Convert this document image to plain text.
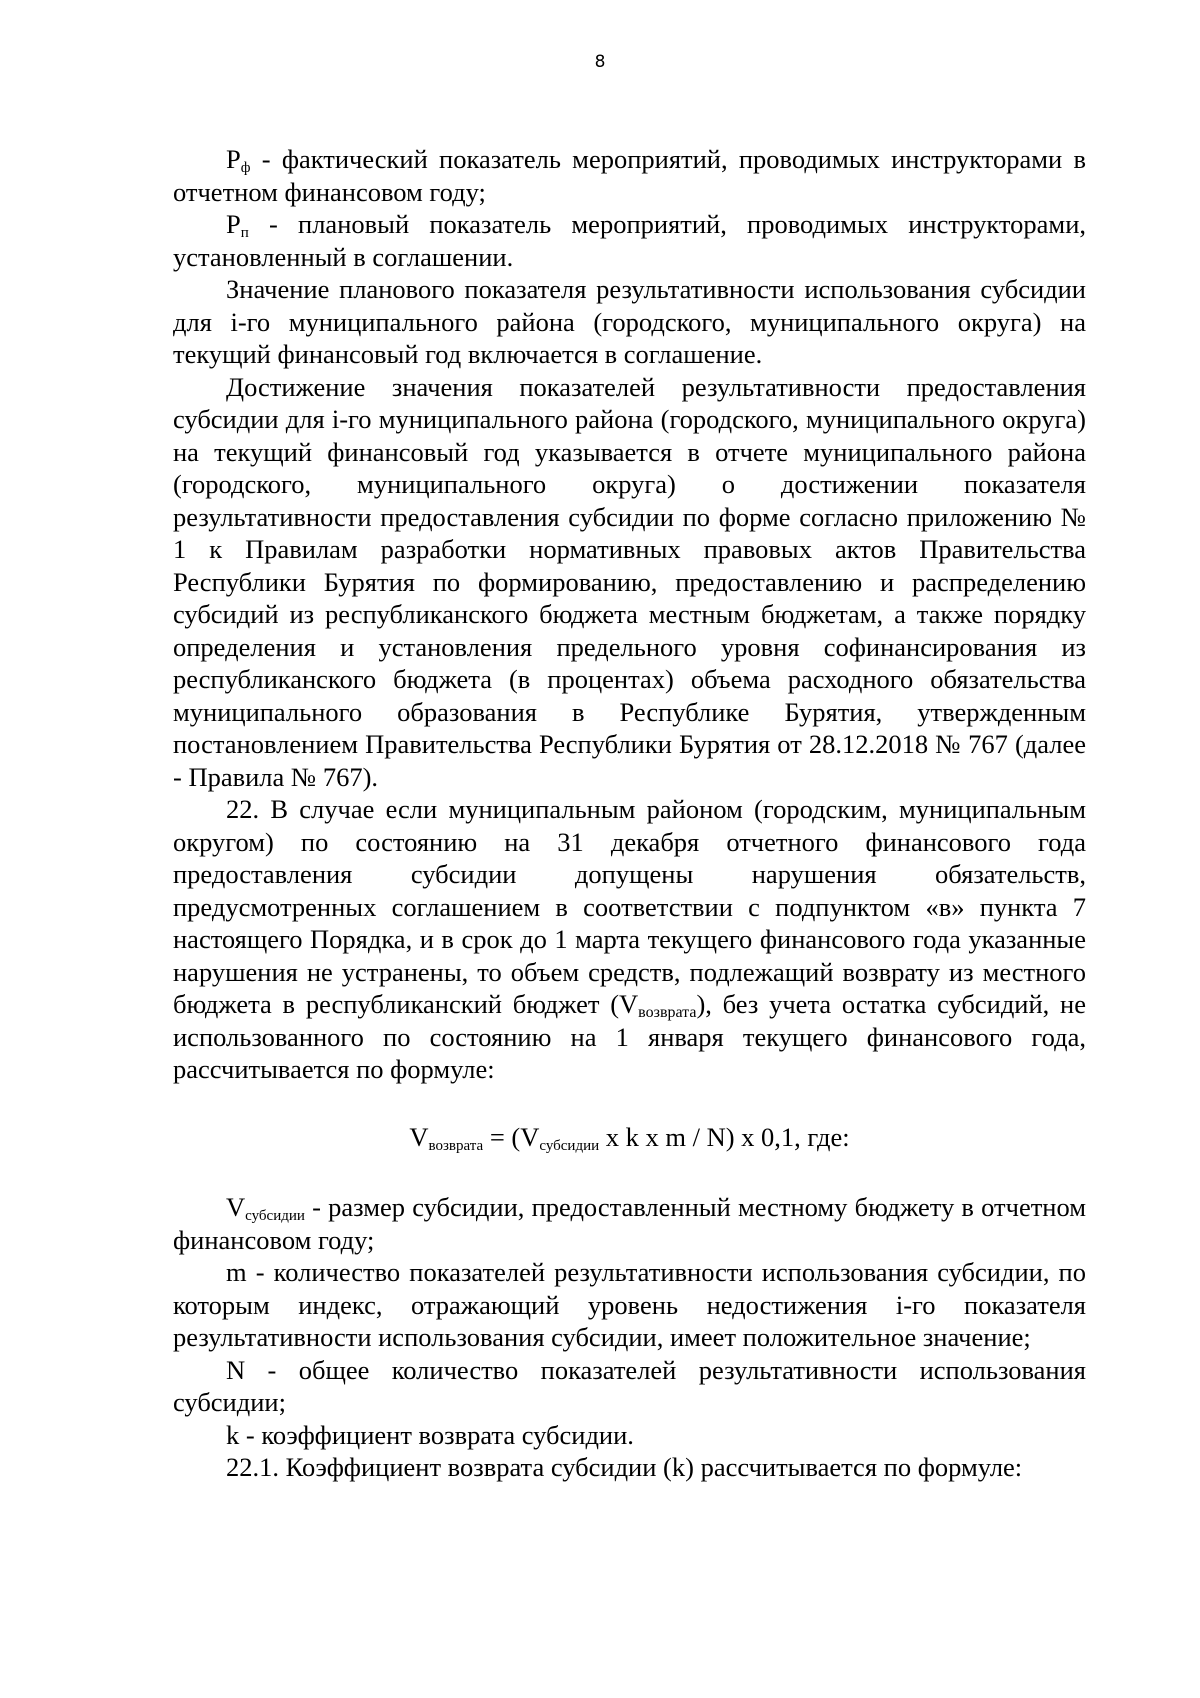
8

Pф - фактический показатель мероприятий, проводимых инструкторами в отчетном финансовом году;

Pп - плановый показатель мероприятий, проводимых инструкторами, установленный в соглашении.

Значение планового показателя результативности использования субсидии для i-го муниципального района (городского, муниципального округа) на текущий финансовый год включается в соглашение.

Достижение значения показателей результативности предоставления субсидии для i-го муниципального района (городского, муниципального округа) на текущий финансовый год указывается в отчете муниципального района (городского, муниципального округа) о достижении показателя результативности предоставления субсидии по форме согласно приложению № 1 к Правилам разработки нормативных правовых актов Правительства Республики Бурятия по формированию, предоставлению и распределению субсидий из республиканского бюджета местным бюджетам, а также порядку определения и установления предельного уровня софинансирования из республиканского бюджета (в процентах) объема расходного обязательства муниципального образования в Республике Бурятия, утвержденным постановлением Правительства Республики Бурятия от 28.12.2018 № 767 (далее - Правила № 767).

22. В случае если муниципальным районом (городским, муниципальным округом) по состоянию на 31 декабря отчетного финансового года предоставления субсидии допущены нарушения обязательств, предусмотренных соглашением в соответствии с подпунктом «в» пункта 7 настоящего Порядка, и в срок до 1 марта текущего финансового года указанные нарушения не устранены, то объем средств, подлежащий возврату из местного бюджета в республиканский бюджет (Vвозврата), без учета остатка субсидий, не использованного по состоянию на 1 января текущего финансового года, рассчитывается по формуле:

Vвозврата = (Vсубсидии x k x m / N) x 0,1, где:

Vсубсидии - размер субсидии, предоставленный местному бюджету в отчетном финансовом году;

m - количество показателей результативности использования субсидии, по которым индекс, отражающий уровень недостижения i-го показателя результативности использования субсидии, имеет положительное значение;

N - общее количество показателей результативности использования субсидии;

k - коэффициент возврата субсидии.

22.1. Коэффициент возврата субсидии (k) рассчитывается по формуле:
